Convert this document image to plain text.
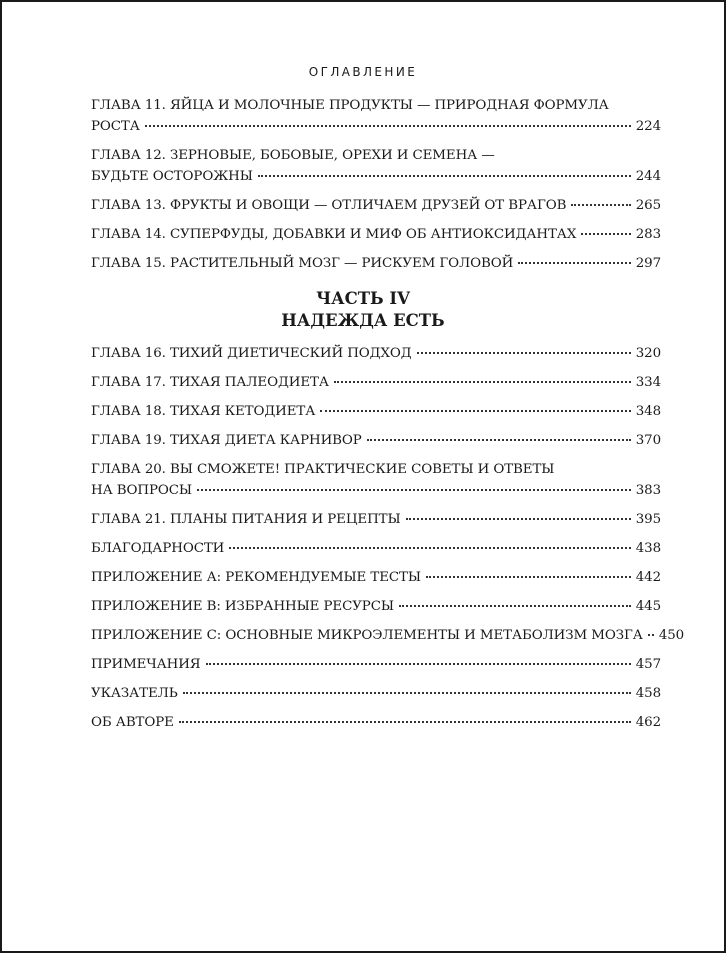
ОГЛАВЛЕНИЕ
ГЛАВА 11. ЯЙЦА И МОЛОЧНЫЕ ПРОДУКТЫ — ПРИРОДНАЯ ФОРМУЛА
РОСТА	224
ГЛАВА 12. ЗЕРНОВЫЕ, БОБОВЫЕ, ОРЕХИ И СЕМЕНА —
БУДЬТЕ ОСТОРОЖНЫ	244
ГЛАВА 13. ФРУКТЫ И ОВОЩИ — ОТЛИЧАЕМ ДРУЗЕЙ ОТ ВРАГОВ	265
ГЛАВА 14. СУПЕРФУДЫ, ДОБАВКИ И МИФ ОБ АНТИОКСИДАНТАХ	283
ГЛАВА 15. РАСТИТЕЛЬНЫЙ МОЗГ — РИСКУЕМ ГОЛОВОЙ	297
ЧАСТЬ IV
НАДЕЖДА ЕСТЬ
ГЛАВА 16. ТИХИЙ ДИЕТИЧЕСКИЙ ПОДХОД	320
ГЛАВА 17. ТИХАЯ ПАЛЕОДИЕТА	334
ГЛАВА 18. ТИХАЯ КЕТОДИЕТА	348
ГЛАВА 19. ТИХАЯ ДИЕТА КАРНИВОР	370
ГЛАВА 20. ВЫ СМОЖЕТЕ! ПРАКТИЧЕСКИЕ СОВЕТЫ И ОТВЕТЫ
НА ВОПРОСЫ	383
ГЛАВА 21. ПЛАНЫ ПИТАНИЯ И РЕЦЕПТЫ	395
БЛАГОДАРНОСТИ	438
ПРИЛОЖЕНИЕ А: РЕКОМЕНДУЕМЫЕ ТЕСТЫ	442
ПРИЛОЖЕНИЕ B: ИЗБРАННЫЕ РЕСУРСЫ	445
ПРИЛОЖЕНИЕ C: ОСНОВНЫЕ МИКРОЭЛЕМЕНТЫ И МЕТАБОЛИЗМ МОЗГА 450
ПРИМЕЧАНИЯ	457
УКАЗАТЕЛЬ	458
ОБ АВТОРЕ	462
